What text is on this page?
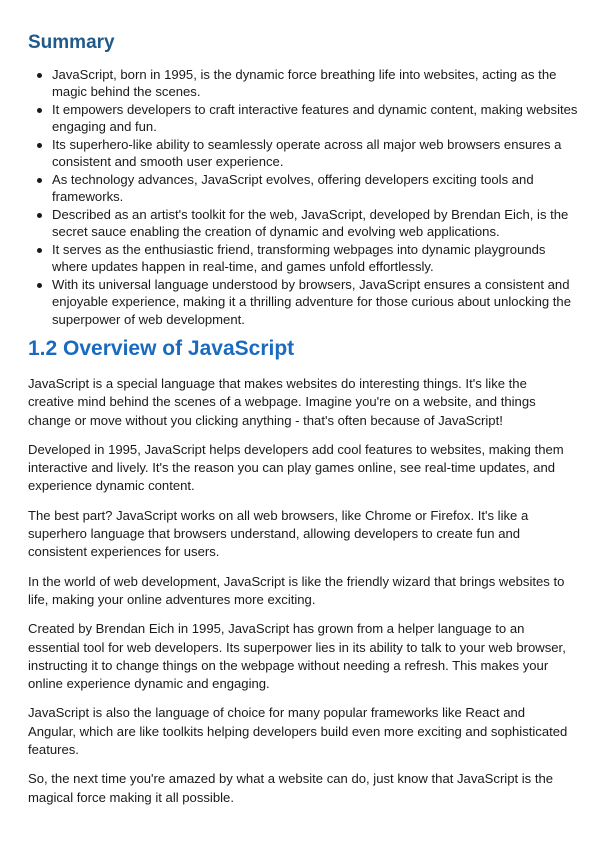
Summary
JavaScript, born in 1995, is the dynamic force breathing life into websites, acting as the magic behind the scenes.
It empowers developers to craft interactive features and dynamic content, making websites engaging and fun.
Its superhero-like ability to seamlessly operate across all major web browsers ensures a consistent and smooth user experience.
As technology advances, JavaScript evolves, offering developers exciting tools and frameworks.
Described as an artist's toolkit for the web, JavaScript, developed by Brendan Eich, is the secret sauce enabling the creation of dynamic and evolving web applications.
It serves as the enthusiastic friend, transforming webpages into dynamic playgrounds where updates happen in real-time, and games unfold effortlessly.
With its universal language understood by browsers, JavaScript ensures a consistent and enjoyable experience, making it a thrilling adventure for those curious about unlocking the superpower of web development.
1.2 Overview of JavaScript

JavaScript is a special language that makes websites do interesting things. It's like the creative mind behind the scenes of a webpage. Imagine you're on a website, and things change or move without you clicking anything - that's often because of JavaScript!

Developed in 1995, JavaScript helps developers add cool features to websites, making them interactive and lively. It's the reason you can play games online, see real-time updates, and experience dynamic content.

The best part? JavaScript works on all web browsers, like Chrome or Firefox. It's like a superhero language that browsers understand, allowing developers to create fun and consistent experiences for users.

In the world of web development, JavaScript is like the friendly wizard that brings websites to life, making your online adventures more exciting.

Created by Brendan Eich in 1995, JavaScript has grown from a helper language to an essential tool for web developers. Its superpower lies in its ability to talk to your web browser, instructing it to change things on the webpage without needing a refresh. This makes your online experience dynamic and engaging.

JavaScript is also the language of choice for many popular frameworks like React and Angular, which are like toolkits helping developers build even more exciting and sophisticated features.

So, the next time you're amazed by what a website can do, just know that JavaScript is the magical force making it all possible.
